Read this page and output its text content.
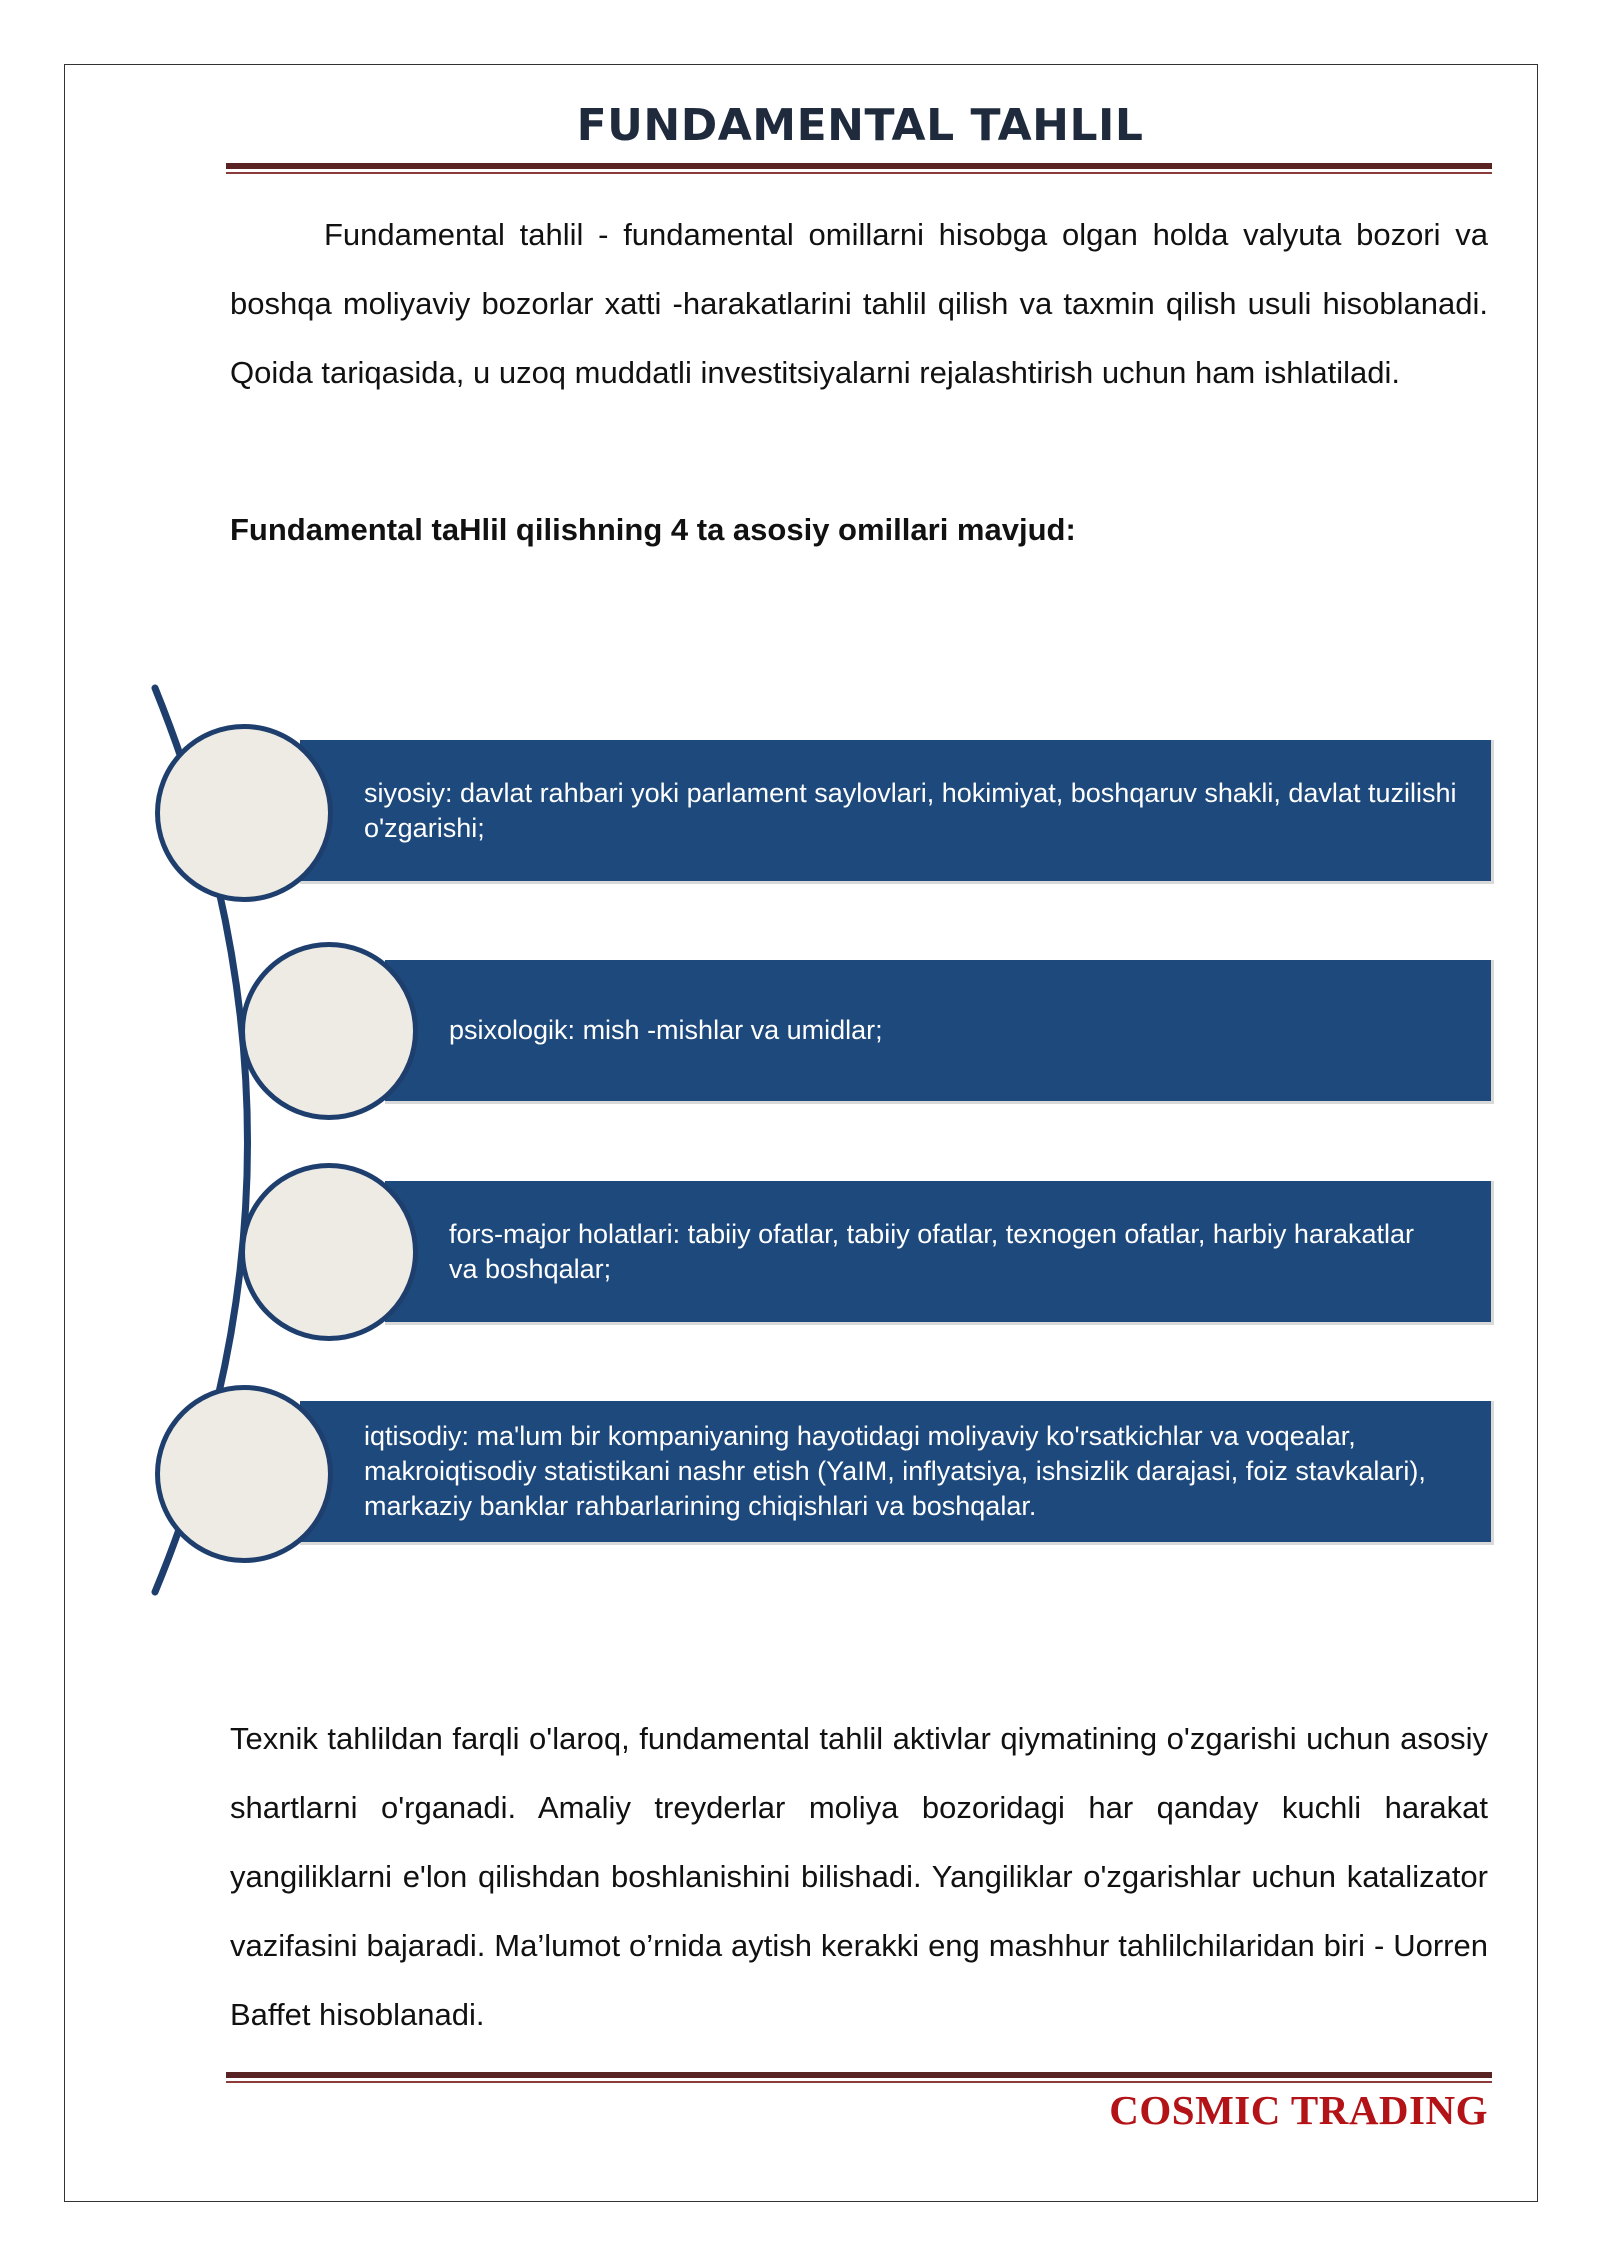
FUNDAMENTAL TAHLIL
Fundamental tahlil - fundamental omillarni hisobga olgan holda valyuta bozori va boshqa moliyaviy bozorlar xatti -harakatlarini tahlil qilish va taxmin qilish usuli hisoblanadi. Qoida tariqasida, u uzoq muddatli investitsiyalarni rejalashtirish uchun ham ishlatiladi.
Fundamental taHlil qilishning 4 ta asosiy omillari mavjud:
siyosiy: davlat rahbari yoki parlament saylovlari, hokimiyat, boshqaruv shakli, davlat tuzilishi o'zgarishi;
psixologik: mish -mishlar va umidlar;
fors-major holatlari: tabiiy ofatlar, tabiiy ofatlar, texnogen ofatlar, harbiy harakatlar va boshqalar;
iqtisodiy: ma'lum bir kompaniyaning hayotidagi moliyaviy ko'rsatkichlar va voqealar, makroiqtisodiy statistikani nashr etish (YaIM, inflyatsiya, ishsizlik darajasi, foiz stavkalari), markaziy banklar rahbarlarining chiqishlari va boshqalar.
Texnik tahlildan farqli o'laroq, fundamental tahlil aktivlar qiymatining o'zgarishi uchun asosiy shartlarni o'rganadi. Amaliy treyderlar moliya bozoridagi har qanday kuchli harakat yangiliklarni e'lon qilishdan boshlanishini bilishadi. Yangiliklar o'zgarishlar uchun katalizator vazifasini bajaradi. Ma’lumot o’rnida aytish kerakki eng mashhur tahlilchilaridan biri - Uorren Baffet hisoblanadi.
COSMIC TRADING
